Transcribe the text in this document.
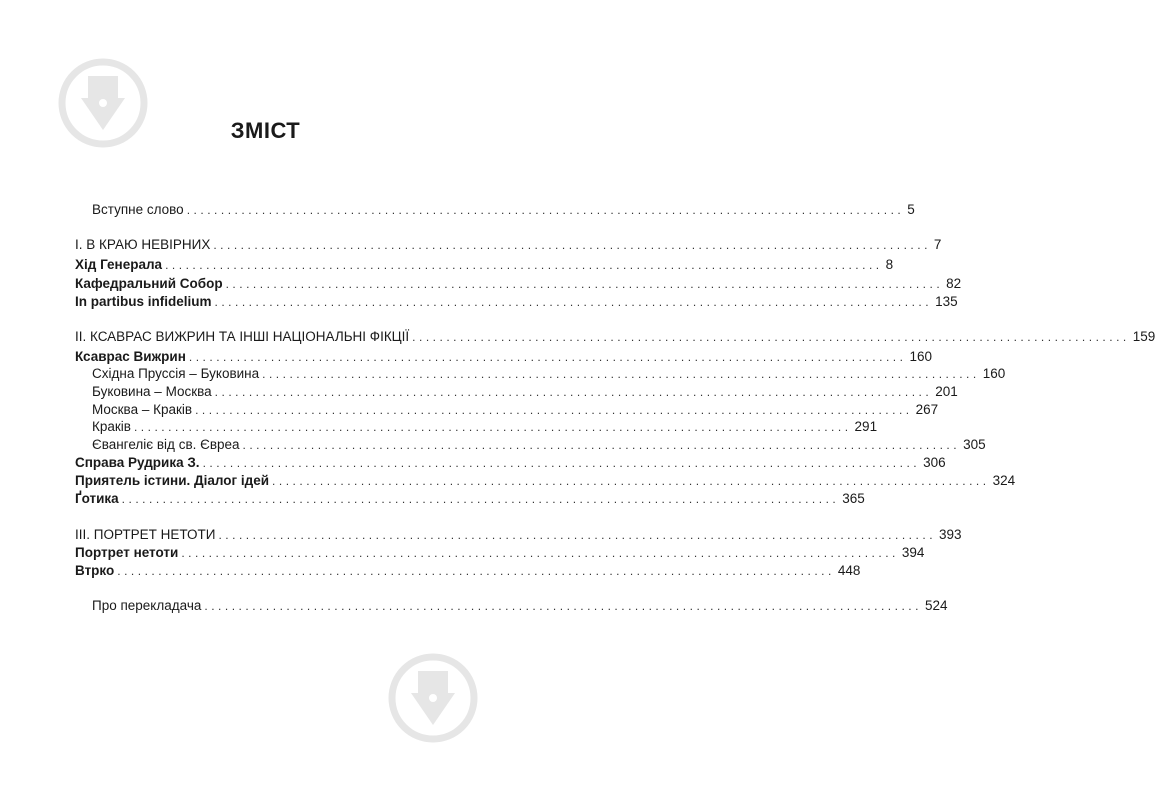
ЗМІСТ
Вступне слово ......................................................................................................... 5
І. В КРАЮ НЕВІРНИХ ......................................................................................................... 7
Хід Генерала ......................................................................................................... 8
Кафедральний Собор ......................................................................................................... 82
In partibus infidelium ......................................................................................................... 135
ІІ. КСАВРАС ВИЖРИН ТА ІНШІ НАЦІОНАЛЬНІ ФІКЦІЇ ......................................................................................................... 159
Ксаврас Вижрин ......................................................................................................... 160
Східна Пруссія – Буковина ......................................................................................................... 160
Буковина – Москва ......................................................................................................... 201
Москва – Краків ......................................................................................................... 267
Краків ......................................................................................................... 291
Євангеліє від св. Євреа ......................................................................................................... 305
Справа Рудрика З. ......................................................................................................... 306
Приятель істини. Діалог ідей ......................................................................................................... 324
Ґотика ......................................................................................................... 365
ІІІ. ПОРТРЕТ НЕТОТИ ......................................................................................................... 393
Портрет нетоти ......................................................................................................... 394
Втрко ......................................................................................................... 448
Про перекладача ......................................................................................................... 524
